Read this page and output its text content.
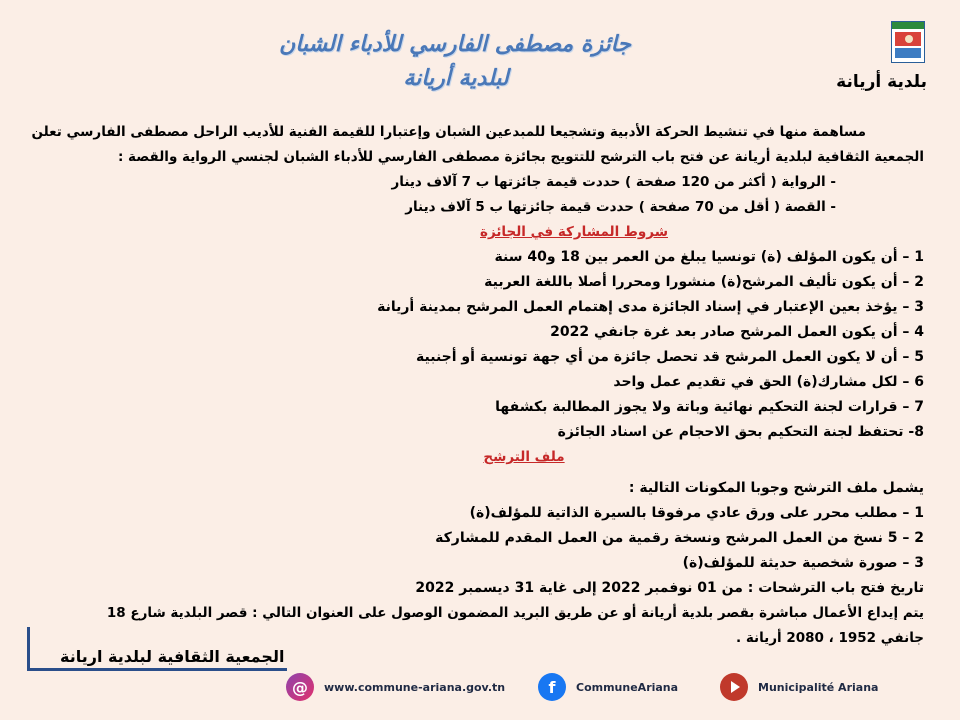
بلدية أريانة
جائزة مصطفى الفارسي للأدباء الشبان
لبلدية أريانة
مساهمة منها في تنشيط الحركة الأدبية وتشجيعا للمبدعين الشبان وإعتبارا للقيمة الفنية للأديب الراحل مصطفى الفارسي تعلن
الجمعية الثقافية لبلدية أريانة عن فتح باب الترشح للتتويج بجائزة مصطفى الفارسي للأدباء الشبان لجنسي الرواية والقصة :
- الرواية ( أكثر من 120 صفحة ) حددت قيمة جائزتها ب 7 آلاف دينار
- القصة ( أقل من 70 صفحة ) حددت قيمة جائزتها ب 5 آلاف دينار
شروط المشاركة في الجائزة
1 – أن يكون المؤلف (ة) تونسيا يبلغ من العمر بين 18 و40 سنة
2 – أن يكون تأليف المرشح(ة) منشورا ومحررا أصلا باللغة العربية
3 – يؤخذ بعين الإعتبار في إسناد الجائزة مدى إهتمام العمل المرشح بمدينة أريانة
4 – أن يكون العمل المرشح صادر بعد غرة جانفي 2022
5 – أن لا يكون العمل المرشح قد تحصل جائزة من أي جهة تونسية أو أجنبية
6 – لكل مشارك(ة) الحق في تقديم عمل واحد
7 – قرارات لجنة التحكيم نهائية وباتة ولا يجوز المطالبة بكشفها
8- تحتفظ لجنة التحكيم بحق الاحجام عن اسناد الجائزة
ملف الترشح
يشمل ملف الترشح وجوبا المكونات التالية :
1 – مطلب محرر على ورق عادي مرفوقا بالسيرة الذاتية للمؤلف(ة)
2 – 5 نسخ من العمل المرشح ونسخة رقمية من العمل المقدم للمشاركة
3 – صورة شخصية حديثة للمؤلف(ة)
تاريخ فتح باب الترشحات : من 01 نوفمبر 2022 إلى غاية 31 ديسمبر 2022
يتم إيداع الأعمال مباشرة بقصر بلدية أريانة أو عن طريق البريد المضمون الوصول على العنوان التالي : قصر البلدية شارع 18
جانفي 1952 ، 2080 أريانة .
الجمعية الثقافية لبلدية اريانة
@	www.commune-ariana.gov.tn	f	CommuneAriana	Municipalité Ariana
